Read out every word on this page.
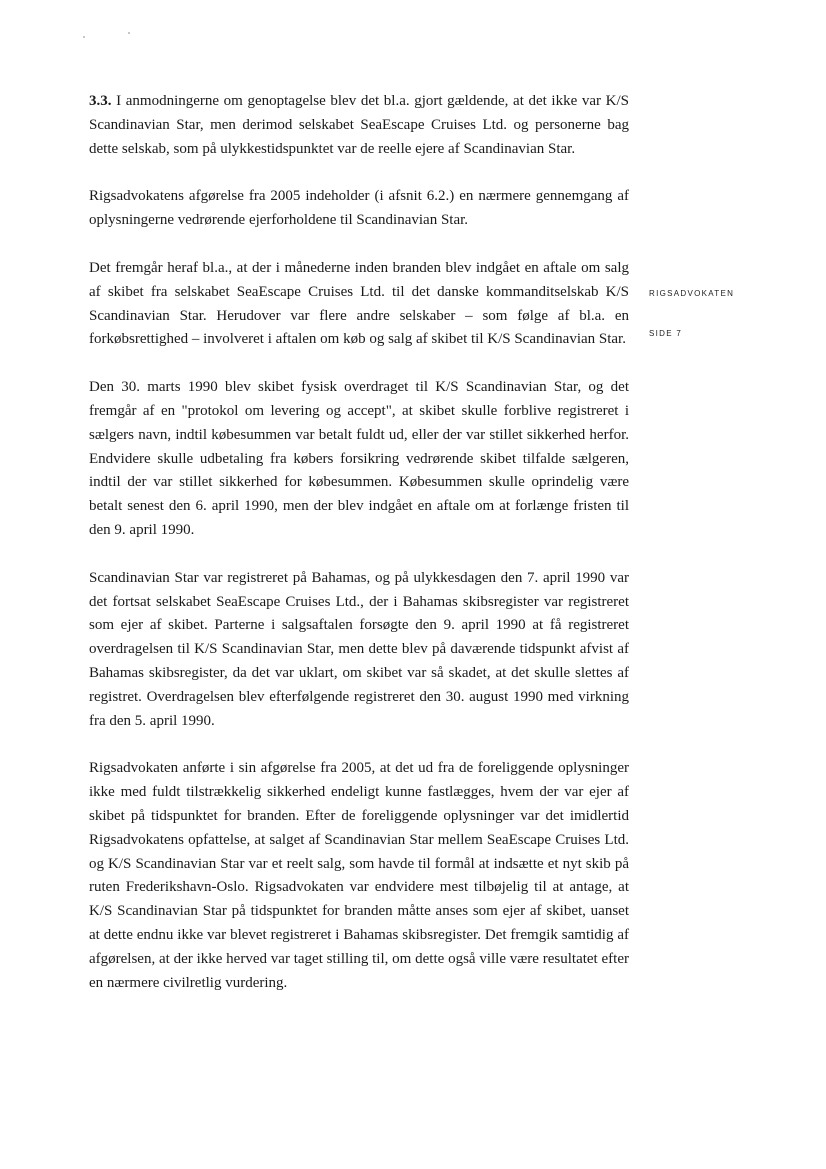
3.3. I anmodningerne om genoptagelse blev det bl.a. gjort gældende, at det ikke var K/S Scandinavian Star, men derimod selskabet SeaEscape Cruises Ltd. og personerne bag dette selskab, som på ulykkestidspunktet var de reelle ejere af Scandinavian Star.

Rigsadvokatens afgørelse fra 2005 indeholder (i afsnit 6.2.) en nærmere gennemgang af oplysningerne vedrørende ejerforholdene til Scandinavian Star.

Det fremgår heraf bl.a., at der i månederne inden branden blev indgået en aftale om salg af skibet fra selskabet SeaEscape Cruises Ltd. til det danske kommanditselskab K/S Scandinavian Star. Herudover var flere andre selskaber – som følge af bl.a. en forkøbsrettighed – involveret i aftalen om køb og salg af skibet til K/S Scandinavian Star.

Den 30. marts 1990 blev skibet fysisk overdraget til K/S Scandinavian Star, og det fremgår af en "protokol om levering og accept", at skibet skulle forblive registreret i sælgers navn, indtil købesummen var betalt fuldt ud, eller der var stillet sikkerhed herfor. Endvidere skulle udbetaling fra købers forsikring vedrørende skibet tilfalde sælgeren, indtil der var stillet sikkerhed for købesummen. Købesummen skulle oprindelig være betalt senest den 6. april 1990, men der blev indgået en aftale om at forlænge fristen til den 9. april 1990.

Scandinavian Star var registreret på Bahamas, og på ulykkesdagen den 7. april 1990 var det fortsat selskabet SeaEscape Cruises Ltd., der i Bahamas skibsregister var registreret som ejer af skibet. Parterne i salgsaftalen forsøgte den 9. april 1990 at få registreret overdragelsen til K/S Scandinavian Star, men dette blev på daværende tidspunkt afvist af Bahamas skibsregister, da det var uklart, om skibet var så skadet, at det skulle slettes af registret. Overdragelsen blev efterfølgende registreret den 30. august 1990 med virkning fra den 5. april 1990.

Rigsadvokaten anførte i sin afgørelse fra 2005, at det ud fra de foreliggende oplysninger ikke med fuldt tilstrækkelig sikkerhed endeligt kunne fastlægges, hvem der var ejer af skibet på tidspunktet for branden. Efter de foreliggende oplysninger var det imidlertid Rigsadvokatens opfattelse, at salget af Scandinavian Star mellem SeaEscape Cruises Ltd. og K/S Scandinavian Star var et reelt salg, som havde til formål at indsætte et nyt skib på ruten Frederikshavn-Oslo. Rigsadvokaten var endvidere mest tilbøjelig til at antage, at K/S Scandinavian Star på tidspunktet for branden måtte anses som ejer af skibet, uanset at dette endnu ikke var blevet registreret i Bahamas skibsregister. Det fremgik samtidig af afgørelsen, at der ikke herved var taget stilling til, om dette også ville være resultatet efter en nærmere civilretlig vurdering.

RIGSADVOKATEN
SIDE 7
